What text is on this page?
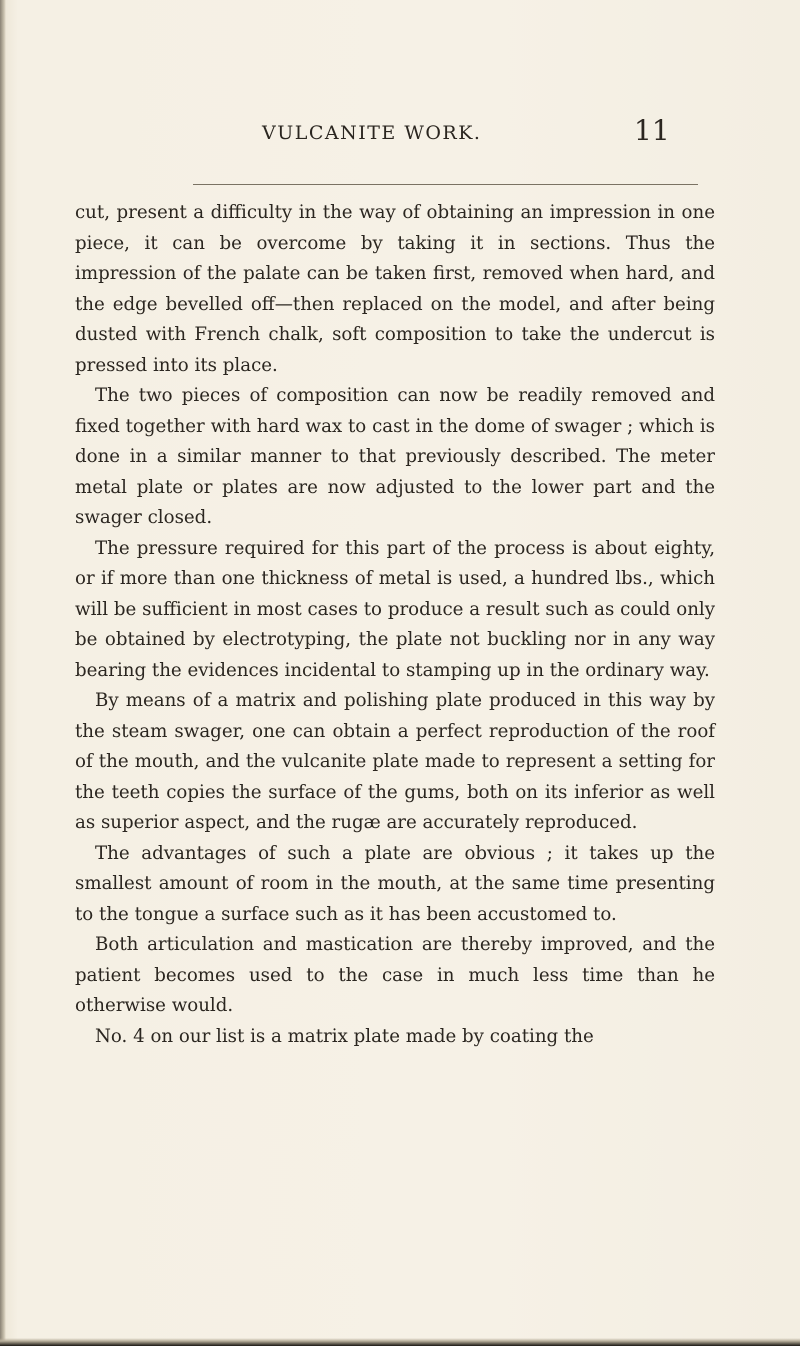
VULCANITE WORK.	11

cut, present a difficulty in the way of obtaining an impression in one piece, it can be overcome by taking it in sections. Thus the impression of the palate can be taken first, removed when hard, and the edge bevelled off—then replaced on the model, and after being dusted with French chalk, soft composition to take the undercut is pressed into its place.

The two pieces of composition can now be readily removed and fixed together with hard wax to cast in the dome of swager ; which is done in a similar manner to that previously described. The meter metal plate or plates are now adjusted to the lower part and the swager closed.

The pressure required for this part of the process is about eighty, or if more than one thickness of metal is used, a hundred lbs., which will be sufficient in most cases to produce a result such as could only be obtained by electrotyping, the plate not buckling nor in any way bearing the evidences incidental to stamping up in the ordinary way.

By means of a matrix and polishing plate produced in this way by the steam swager, one can obtain a perfect reproduction of the roof of the mouth, and the vulcanite plate made to represent a setting for the teeth copies the surface of the gums, both on its inferior as well as superior aspect, and the rugæ are accurately reproduced.

The advantages of such a plate are obvious ; it takes up the smallest amount of room in the mouth, at the same time presenting to the tongue a surface such as it has been accustomed to.

Both articulation and mastication are thereby improved, and the patient becomes used to the case in much less time than he otherwise would.

No. 4 on our list is a matrix plate made by coating the
